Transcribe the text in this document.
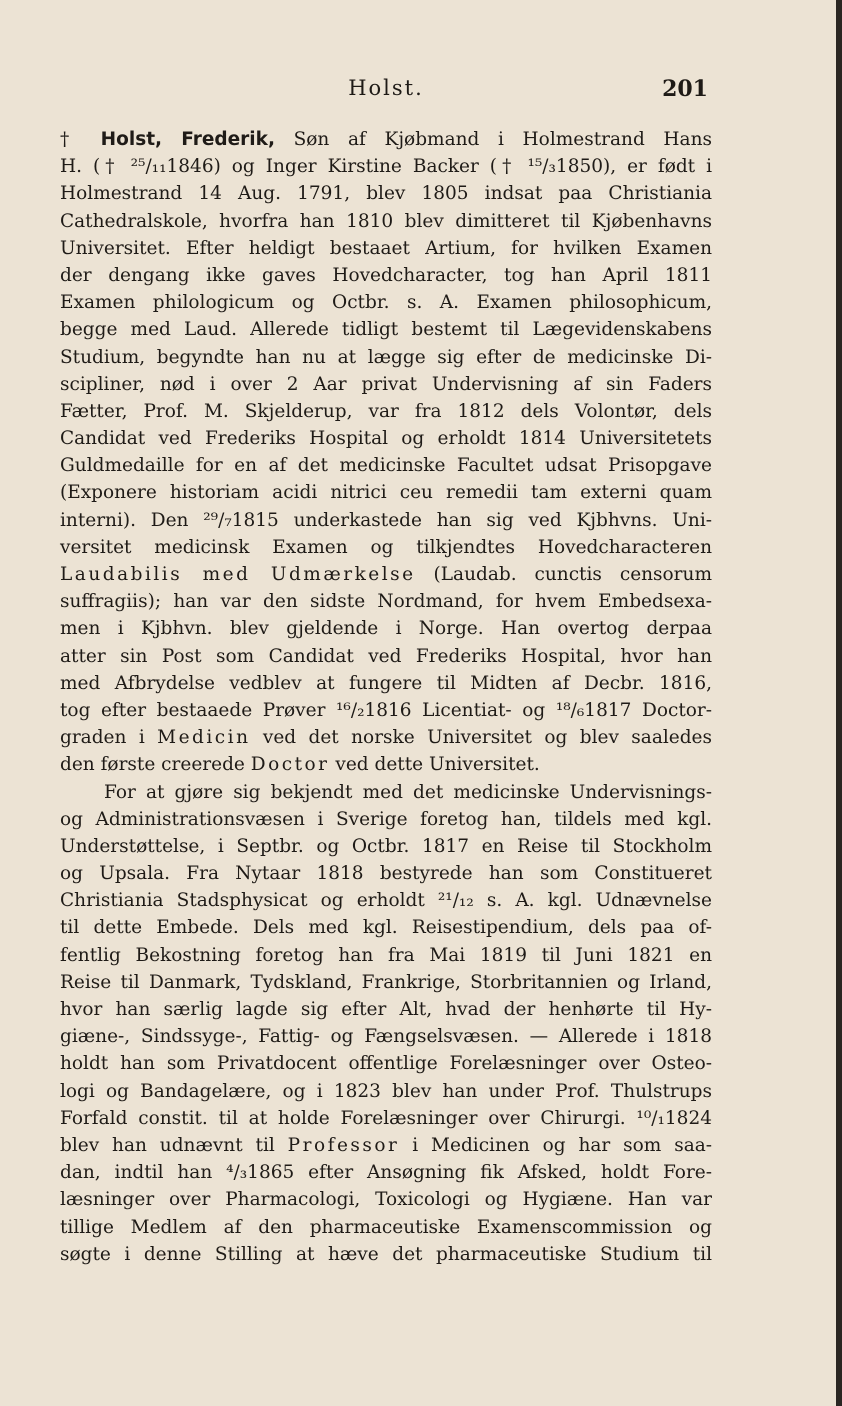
Holst.	201
† Holst, Frederik, Søn af Kjøbmand i Holmestrand Hans
H. († ²⁵/₁₁1846) og Inger Kirstine Backer († ¹⁵/₃1850), er født i
Holmestrand 14 Aug. 1791, blev 1805 indsat paa Christiania
Cathedralskole, hvorfra han 1810 blev dimitteret til Kjøbenhavns
Universitet. Efter heldigt bestaaet Artium, for hvilken Examen
der dengang ikke gaves Hovedcharacter, tog han April 1811
Examen philologicum og Octbr. s. A. Examen philosophicum,
begge med Laud. Allerede tidligt bestemt til Lægevidenskabens
Studium, begyndte han nu at lægge sig efter de medicinske Di-
scipliner, nød i over 2 Aar privat Undervisning af sin Faders
Fætter, Prof. M. Skjelderup, var fra 1812 dels Volontør, dels
Candidat ved Frederiks Hospital og erholdt 1814 Universitetets
Guldmedaille for en af det medicinske Facultet udsat Prisopgave
(Exponere historiam acidi nitrici ceu remedii tam externi quam
interni). Den ²⁹/₇1815 underkastede han sig ved Kjbhvns. Uni-
versitet medicinsk Examen og tilkjendtes Hovedcharacteren
Laudabilis med Udmærkelse (Laudab. cunctis censorum
suffragiis); han var den sidste Nordmand, for hvem Embedsexa-
men i Kjbhvn. blev gjeldende i Norge. Han overtog derpaa
atter sin Post som Candidat ved Frederiks Hospital, hvor han
med Afbrydelse vedblev at fungere til Midten af Decbr. 1816,
tog efter bestaaede Prøver ¹⁶/₂1816 Licentiat- og ¹⁸/₆1817 Doctor-
graden i Medicin ved det norske Universitet og blev saaledes
den første creerede Doctor ved dette Universitet.
For at gjøre sig bekjendt med det medicinske Undervisnings-
og Administrationsvæsen i Sverige foretog han, tildels med kgl.
Understøttelse, i Septbr. og Octbr. 1817 en Reise til Stockholm
og Upsala. Fra Nytaar 1818 bestyrede han som Constitueret
Christiania Stadsphysicat og erholdt ²¹/₁₂ s. A. kgl. Udnævnelse
til dette Embede. Dels med kgl. Reisestipendium, dels paa of-
fentlig Bekostning foretog han fra Mai 1819 til Juni 1821 en
Reise til Danmark, Tydskland, Frankrige, Storbritannien og Irland,
hvor han særlig lagde sig efter Alt, hvad der henhørte til Hy-
giæne-, Sindssyge-, Fattig- og Fængselsvæsen. — Allerede i 1818
holdt han som Privatdocent offentlige Forelæsninger over Osteo-
logi og Bandagelære, og i 1823 blev han under Prof. Thulstrups
Forfald constit. til at holde Forelæsninger over Chirurgi. ¹⁰/₁1824
blev han udnævnt til Professor i Medicinen og har som saa-
dan, indtil han ⁴/₃1865 efter Ansøgning fik Afsked, holdt Fore-
læsninger over Pharmacologi, Toxicologi og Hygiæne. Han var
tillige Medlem af den pharmaceutiske Examenscommission og
søgte i denne Stilling at hæve det pharmaceutiske Studium til
